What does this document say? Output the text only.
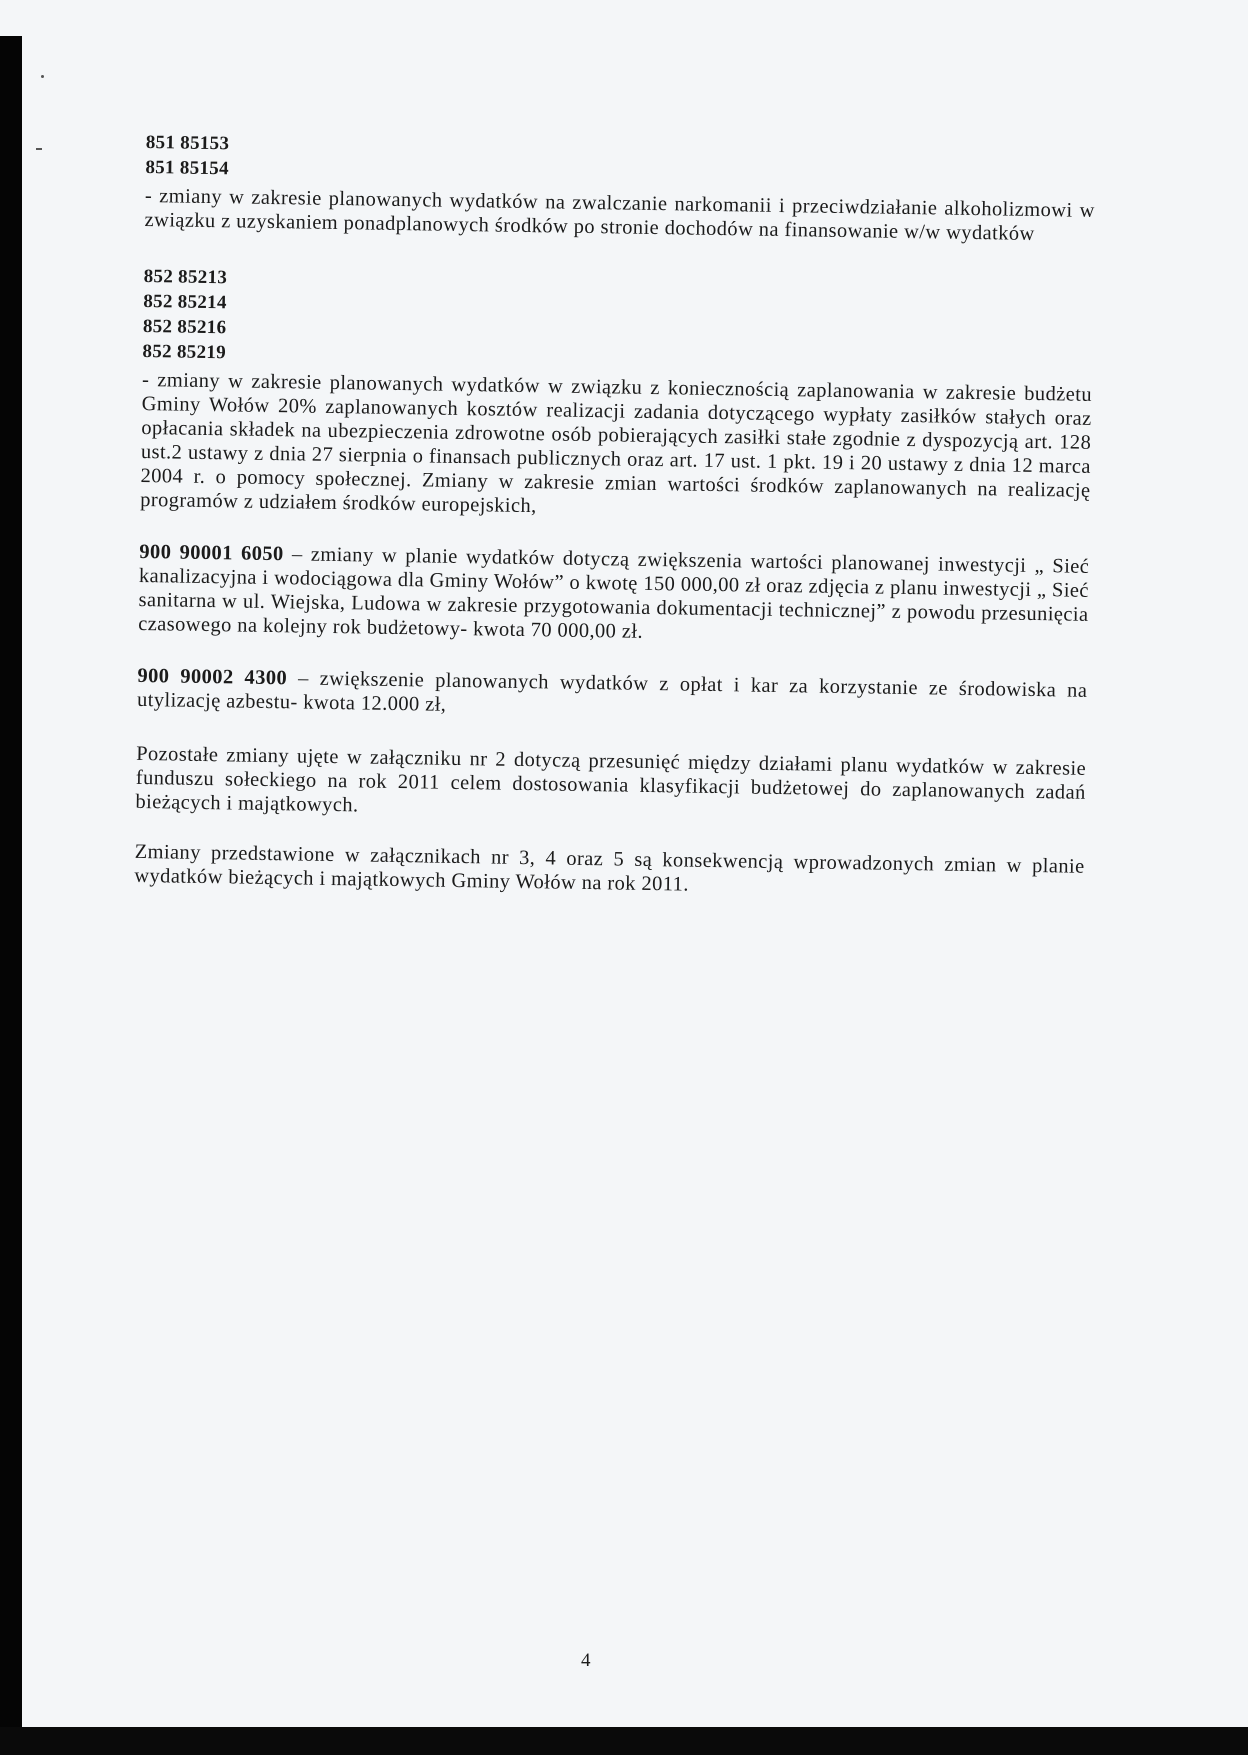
851 85153

851 85154

- zmiany w zakresie planowanych wydatków na zwalczanie narkomanii i przeciwdziałanie alkoholizmowi w związku z uzyskaniem ponadplanowych środków po stronie dochodów na finansowanie w/w wydatków

852 85213

852 85214

852 85216

852 85219

- zmiany w zakresie planowanych wydatków w związku z koniecznością zaplanowania w zakresie budżetu Gminy Wołów 20% zaplanowanych kosztów realizacji zadania dotyczącego wypłaty zasiłków stałych oraz opłacania składek na ubezpieczenia zdrowotne osób pobierających zasiłki stałe zgodnie z dyspozycją art. 128 ust.2 ustawy z dnia 27 sierpnia o finansach publicznych oraz art. 17 ust. 1 pkt. 19 i 20 ustawy z dnia 12 marca 2004 r. o pomocy społecznej. Zmiany w zakresie zmian wartości środków zaplanowanych na realizację programów z udziałem środków europejskich,

900 90001 6050 – zmiany w planie wydatków dotyczą zwiększenia wartości planowanej inwestycji „ Sieć kanalizacyjna i wodociągowa dla Gminy Wołów” o kwotę 150 000,00 zł oraz zdjęcia z planu inwestycji „ Sieć sanitarna w ul. Wiejska, Ludowa w zakresie przygotowania dokumentacji technicznej” z powodu przesunięcia czasowego na kolejny rok budżetowy- kwota 70 000,00 zł.

900 90002 4300 – zwiększenie planowanych wydatków z opłat i kar za korzystanie ze środowiska na utylizację azbestu- kwota 12.000 zł,

Pozostałe zmiany ujęte w załączniku nr 2 dotyczą przesunięć między działami planu wydatków w zakresie funduszu sołeckiego na rok 2011 celem dostosowania klasyfikacji budżetowej do zaplanowanych zadań bieżących i majątkowych.

Zmiany przedstawione w załącznikach nr 3, 4 oraz 5 są konsekwencją wprowadzonych zmian w planie wydatków bieżących i majątkowych Gminy Wołów na rok 2011.

4
